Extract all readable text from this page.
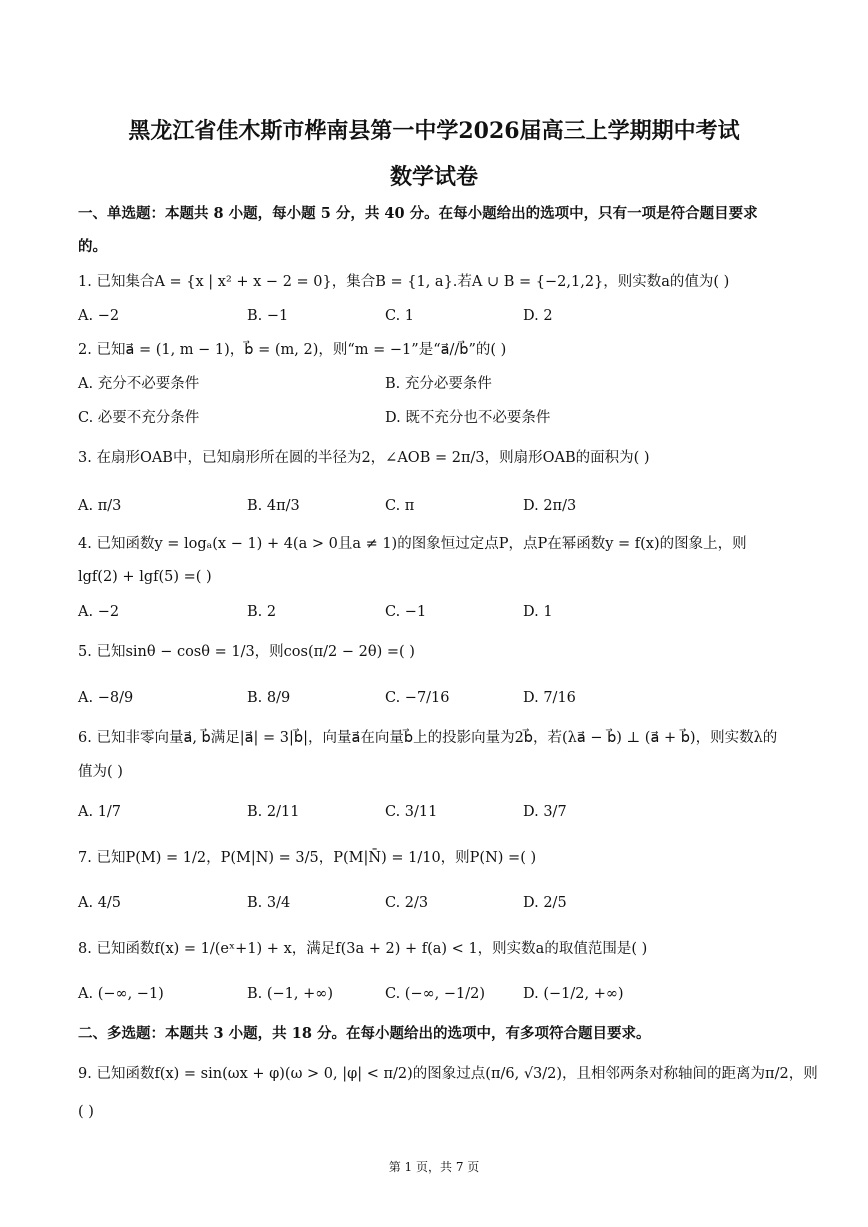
黑龙江省佳木斯市桦南县第一中学2026届高三上学期期中考试
数学试卷
一、单选题：本题共 8 小题，每小题 5 分，共 40 分。在每小题给出的选项中，只有一项是符合题目要求
的。
1. 已知集合A = {x | x² + x − 2 = 0}，集合B = {1, a}.若A ∪ B = {−2,1,2}，则实数a的值为( )
A. −2	B. −1	C. 1	D. 2
2. 已知a⃗ = (1, m − 1)，b⃗ = (m, 2)，则“m = −1”是“a⃗//b⃗”的( )
A. 充分不必要条件	B. 充分必要条件
C. 必要不充分条件	D. 既不充分也不必要条件
3. 在扇形OAB中，已知扇形所在圆的半径为2，∠AOB = 2π/3，则扇形OAB的面积为( )
A. π/3	B. 4π/3	C. π	D. 2π/3
4. 已知函数y = logₐ(x − 1) + 4(a > 0且a ≠ 1)的图象恒过定点P，点P在幂函数y = f(x)的图象上，则
lgf(2) + lgf(5) =( )
A. −2	B. 2	C. −1	D. 1
5. 已知sinθ − cosθ = 1/3，则cos(π/2 − 2θ) =( )
A. −8/9	B. 8/9	C. −7/16	D. 7/16
6. 已知非零向量a⃗, b⃗满足|a⃗| = 3|b⃗|，向量a⃗在向量b⃗上的投影向量为2b⃗，若(λa⃗ − b⃗) ⊥ (a⃗ + b⃗)，则实数λ的
值为( )
A. 1/7	B. 2/11	C. 3/11	D. 3/7
7. 已知P(M) = 1/2，P(M|N) = 3/5，P(M|N̄) = 1/10，则P(N) =( )
A. 4/5	B. 3/4	C. 2/3	D. 2/5
8. 已知函数f(x) = 1/(eˣ+1) + x，满足f(3a + 2) + f(a) < 1，则实数a的取值范围是( )
A. (−∞, −1)	B. (−1, +∞)	C. (−∞, −1/2)	D. (−1/2, +∞)
二、多选题：本题共 3 小题，共 18 分。在每小题给出的选项中，有多项符合题目要求。
9. 已知函数f(x) = sin(ωx + φ)(ω > 0, |φ| < π/2)的图象过点(π/6, √3/2)，且相邻两条对称轴间的距离为π/2，则
( )
第 1 页，共 7 页
